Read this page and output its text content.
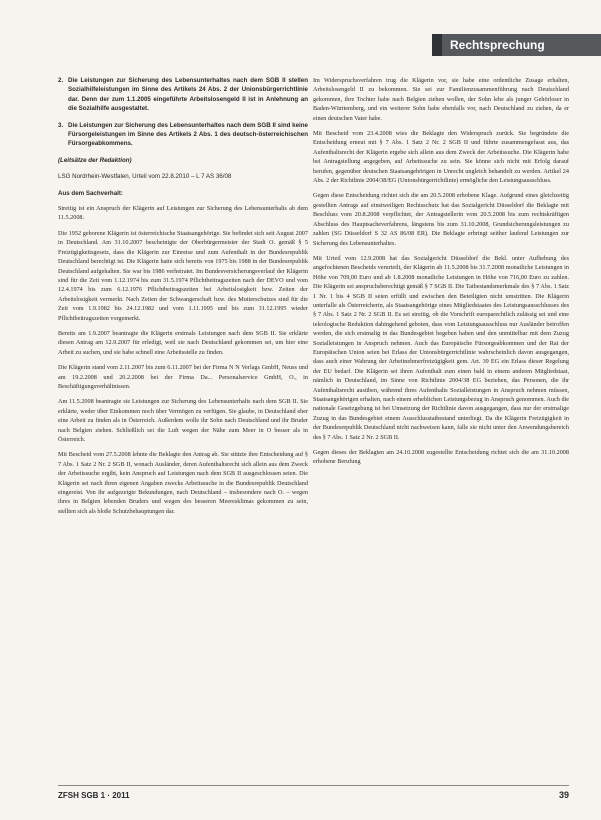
Rechtsprechung
2. Die Leistungen zur Sicherung des Lebensunterhaltes nach dem SGB II stellen Sozialhilfeleistungen im Sinne des Artikels 24 Abs. 2 der Unionsbürgerrichtlinie dar. Denn der zum 1.1.2005 eingeführte Arbeitslosengeld II ist in Anlehnung an die Sozialhilfe ausgestaltet.
3. Die Leistungen zur Sicherung des Lebensunterhaltes nach dem SGB II sind keine Fürsorgeleistungen im Sinne des Artikels 2 Abs. 1 des deutsch-österreichischen Fürsorgeabkommens.
(Leitsätze der Redaktion)
LSG Nordrhein-Westfalen, Urteil vom 22.8.2010 – L 7 AS 36/08

Aus dem Sachverhalt:

Streitig ist ein Anspruch der Klägerin auf Leistungen zur Sicherung des Lebensunterhalts ab dem 11.5.2008.

Die 1952 geborene Klägerin ist österreichische Staatsangehörige. Sie befindet sich seit August 2007 in Deutschland. Am 31.10.2007 bescheinigte der Oberbürgermeister der Stadt O. gemäß § 5 Freizügigkeitsgesetz, dass die Klägerin zur Einreise und zum Aufenthalt in der Bundesrepublik Deutschland berechtigt ist. Die Klägerin hatte sich bereits von 1975 bis 1988 in der Bundesrepublik Deutschland aufgehalten. Sie war bis 1986 verheiratet. Im Bundesversicherungsverlauf der Klägerin sind für die Zeit vom 1.12.1974 bis zum 31.5.1974 Pflichtbeitragszeiten nach der DEVO und vom 12.4.1974 bis zum 6.12.1976 Pflichtbeitragszeiten bei Arbeitslosigkeit bzw. Zeiten der Arbeitslosigkeit vermerkt. Nach Zeiten der Schwangerschaft bzw. des Mutterschutzes sind für die Zeit vom 1.9.1982 bis 24.12.1982 und vom 1.11.1995 und bis zum 31.12.1995 wieder Pflichtbeitragszeiten vorgemerkt.

Bereits am 1.9.2007 beantragte die Klägerin erstmals Leistungen nach dem SGB II. Sie erklärte diesen Antrag am 12.9.2007 für erledigt, weil sie nach Deutschland gekommen sei, um hier eine Arbeit zu suchen, und sie habe schnell eine Arbeitsstelle zu finden.

Die Klägerin stand vom 2.11.2007 bis zum 6.11.2007 bei der Firma N N Verlags GmbH, Neuss und am 19.2.2008 und 20.2.2008 bei der Firma Da... Personalservice GmbH, O., in Beschäftigungsverhältnissen.

Am 11.5.2008 beantragte sie Leistungen zur Sicherung des Lebensunterhalts nach dem SGB II. Sie erklärte, weder über Einkommen noch über Vermögen zu verfügen. Sie glaube, in Deutschland eher eine Arbeit zu finden als in Österreich. Außerdem wolle ihr Sohn nach Deutschland und ihr Bruder nach Belgien ziehen. Schließlich sei die Luft wegen der Nähe zum Meer in O besser als in Österreich.

Mit Bescheid vom 27.5.2008 lehnte die Beklagte den Antrag ab. Sie stützte ihre Entscheidung auf § 7 Abs. 1 Satz 2 Nr. 2 SGB II, wonach Ausländer, deren Aufenthaltsrecht sich allein aus dem Zweck der Arbeitssuche ergibt, kein Anspruch auf Leistungen nach dem SGB II ausgeschlossen seien. Die Klägerin sei nach ihren eigenen Angaben zwecks Arbeitssuche in die Bundesrepublik Deutschland eingereist. Von ihr aufgezeigte Bekundungen, nach Deutschland – insbesondere nach O. – wegen ihres in Belgien lebenden Bruders und wegen des besseren Meeresklimas gekommen zu sein, stellten sich als bloße Schutzbehauptungen dar.

Im Widerspruchsverfahren trug die Klägerin vor, sie habe eine ordentliche Zusage erhalten, Arbeitslosengeld II zu bekommen. Sie sei zur Familienzusammenführung nach Deutschland gekommen, ihre Tochter habe nach Belgien ziehen wollen, der Sohn lebe als junger Gehörloser in Baden-Württemberg, und ein weiterer Sohn habe ebenfalls vor, nach Deutschland zu ziehen, da er einen deutschen Vater habe.

Mit Bescheid vom 23.4.2008 wies die Beklagte den Widerspruch zurück. Sie begründete die Entscheidung erneut mit § 7 Abs. 1 Satz 2 Nr. 2 SGB II und führte zusammengefasst aus, das Aufenthaltsrecht der Klägerin ergebe sich allein aus dem Zweck der Arbeitssuche. Die Klägerin habe bei Antragstellung angegeben, auf Arbeitssuche zu sein. Sie könne sich nicht mit Erfolg darauf berufen, gegenüber deutschen Staatsangehörigen in Unrecht ungleich behandelt zu werden. Artikel 24 Abs. 2 der Richtlinie 2004/38/EG (Unionsbürgerrichtlinie) ermögliche den Leistungsausschluss.

Gegen diese Entscheidung richtet sich die am 20.5.2008 erhobene Klage. Aufgrund eines gleichzeitig gestellten Antrags auf einstweiligen Rechtsschutz hat das Sozialgericht Düsseldorf die Beklagte mit Beschluss vom 20.8.2008 verpflichtet, der Antragstellerin vom 20.5.2008 bis zum rechtskräftigen Abschluss des Hauptsacheverfahrens, längstens bis zum 31.10.2008, Grundsicherungsleistungen zu zahlen (SG Düsseldorf S 32 AS 86/08 ER). Die Beklagte erbringt seither laufend Leistungen zur Sicherung des Lebensunterhaltes.

Mit Urteil vom 12.9.2008 hat das Sozialgericht Düsseldorf die Bekl. unter Aufhebung des angefochtenen Bescheids verurteilt, der Klägerin ab 11.5.2008 bis 31.7.2008 monatliche Leistungen in Höhe von 709,00 Euro und ab 1.8.2008 monatliche Leistungen in Höhe von 716,00 Euro zu zahlen. Die Klägerin sei anspruchsberechtigt gemäß § 7 SGB II. Die Tatbestandsmerkmale des § 7 Abs. 1 Satz 1 Nr. 1 bis 4 SGB II seien erfüllt und zwischen den Beteiligten nicht umstritten. Die Klägerin unterfalle als Österreicherin, als Staatsangehörige eines Mitgliedstaates des Leistungsausschlusses des § 7 Abs. 1 Satz 2 Nr. 2 SGB II. Es sei streitig, ob die Vorschrift europarechtlich zulässig sei und eine teleologische Reduktion dahingehend geboten, dass vom Leistungsausschluss nur Ausländer betroffen werden, die sich erstmalig in das Bundesgebiet begeben haben und den unmittelbar mit dem Zuzug Sozialleistungen in Anspruch nehmen. Auch das Europäische Fürsorgeabkommen und der Rat der Europäischen Union seien bei Erlass der Unionsbürgerrichtlinie wahrscheinlich davon ausgegangen, dass auch einer Wahrung der Arbeitnehmerfreizügigkeit gem. Art. 39 EG ein Erlass dieser Regelung der EU bedarf. Die Klägerin sei ihren Aufenthalt zum einen bald in einem anderen Mitgliedstaat, nämlich in Deutschland, im Sinne von Richtlinie 2004/38 EG beziehen, das Personen, die ihr Aufenthaltsrecht ausüben, während ihres Aufenthalts Sozialleistungen in Anspruch nehmen müssen, Staatsangehörigen erhalten, nach einem erheblichen Leistungsbezug in Anspruch genommen. Auch die nationale Gesetzgebung ist bei Umsetzung der Richtlinie davon ausgegangen, dass nur der erstmalige Zuzug in das Bundesgebiet einem Ausschlusstatbestand unterliegt. Da die Klägerin Freizügigkeit in der Bundesrepublik Deutschland nicht nachweisen kann, falle sie nicht unter den Anwendungsbereich des § 7 Abs. 1 Satz 2 Nr. 2 SGB II.

Gegen dieses der Beklagten am 24.10.2008 zugestellte Entscheidung richtet sich die am 31.10.2008 erhobene Berufung

ZFSH SGB 1 · 2011	39
